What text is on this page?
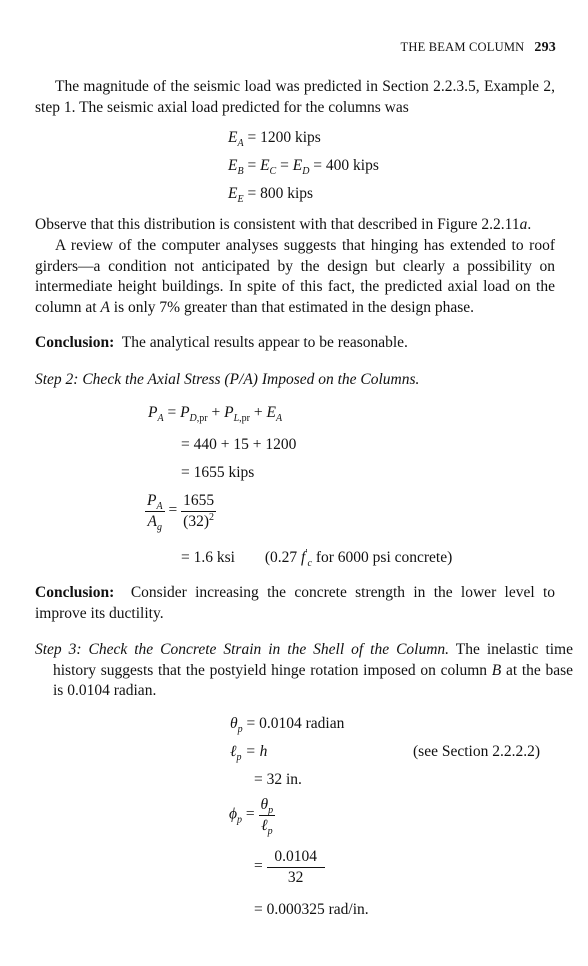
THE BEAM COLUMN 293
The magnitude of the seismic load was predicted in Section 2.2.3.5, Example 2, step 1. The seismic axial load predicted for the columns was
$E_A = 1200$ kips
$E_B = E_C = E_D = 400$ kips
$E_E = 800$ kips
Observe that this distribution is consistent with that described in Figure 2.2.11a.
A review of the computer analyses suggests that hinging has extended to roof girders—a condition not anticipated by the design but clearly a possibility on intermediate height buildings. In spite of this fact, the predicted axial load on the column at A is only 7% greater than that estimated in the design phase.
Conclusion: The analytical results appear to be reasonable.
Step 2: Check the Axial Stress (P/A) Imposed on the Columns.
$P_A = P_{D,pr} + P_{L,pr} + E_A$
= 440 + 15 + 1200
= 1655 kips
$\frac{P_A}{A_g} = \frac{1655}{(32)^2}$
= 1.6 ksi (0.27 $f'_c$ for 6000 psi concrete)
Conclusion: Consider increasing the concrete strength in the lower level to improve its ductility.
Step 3: Check the Concrete Strain in the Shell of the Column. The inelastic time history suggests that the postyield hinge rotation imposed on column B at the base is 0.0104 radian.
$\theta_p = 0.0104$ radian
ℓ$_p$ = h	(see Section 2.2.2.2)
= 32 in.
$\phi_p = \frac{\theta_p}{\ell_p}$
= $\frac{0.0104}{32}$
= 0.000325 rad/in.
